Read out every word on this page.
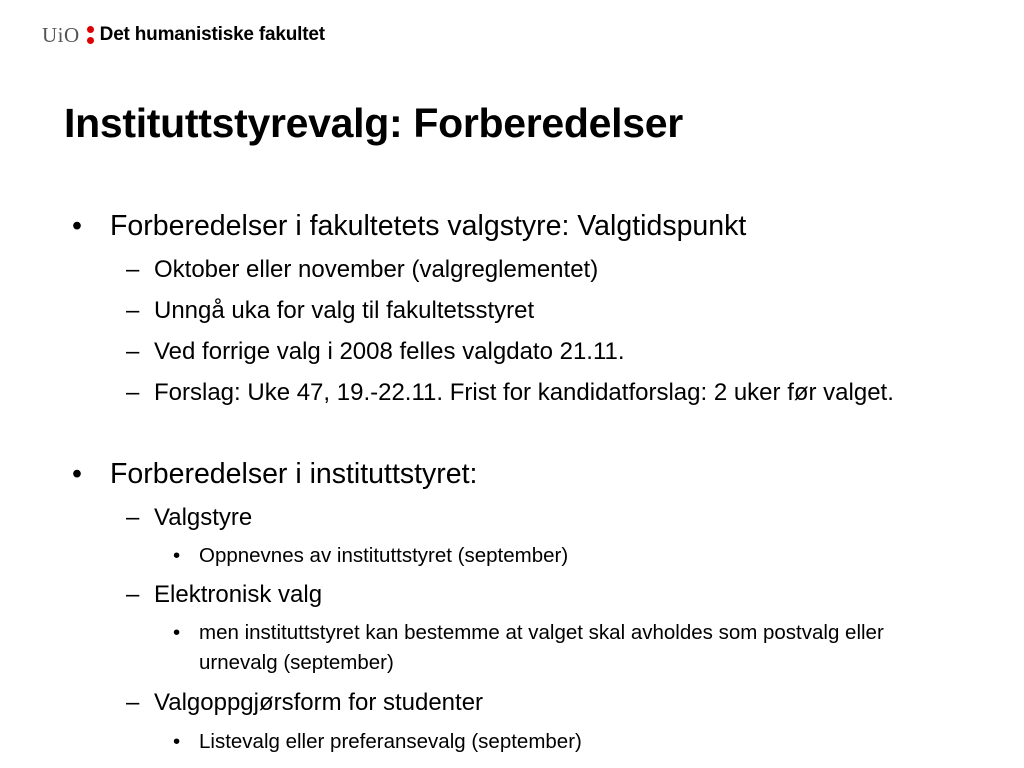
UiO Det humanistiske fakultet
Instituttstyrevalg: Forberedelser

• Forberedelser i fakultetets valgstyre: Valgtidspunkt

– Oktober eller november (valgreglementet)

– Unngå uka for valg til fakultetsstyret

– Ved forrige valg i 2008 felles valgdato 21.11.

– Forslag: Uke 47, 19.-22.11. Frist for kandidatforslag: 2 uker før valget.

• Forberedelser i instituttstyret:

– Valgstyre

• Oppnevnes av instituttstyret (september)

– Elektronisk valg

• men instituttstyret kan bestemme at valget skal avholdes som postvalg eller urnevalg (september)

– Valgoppgjørsform for studenter

• Listevalg eller preferansevalg (september)
